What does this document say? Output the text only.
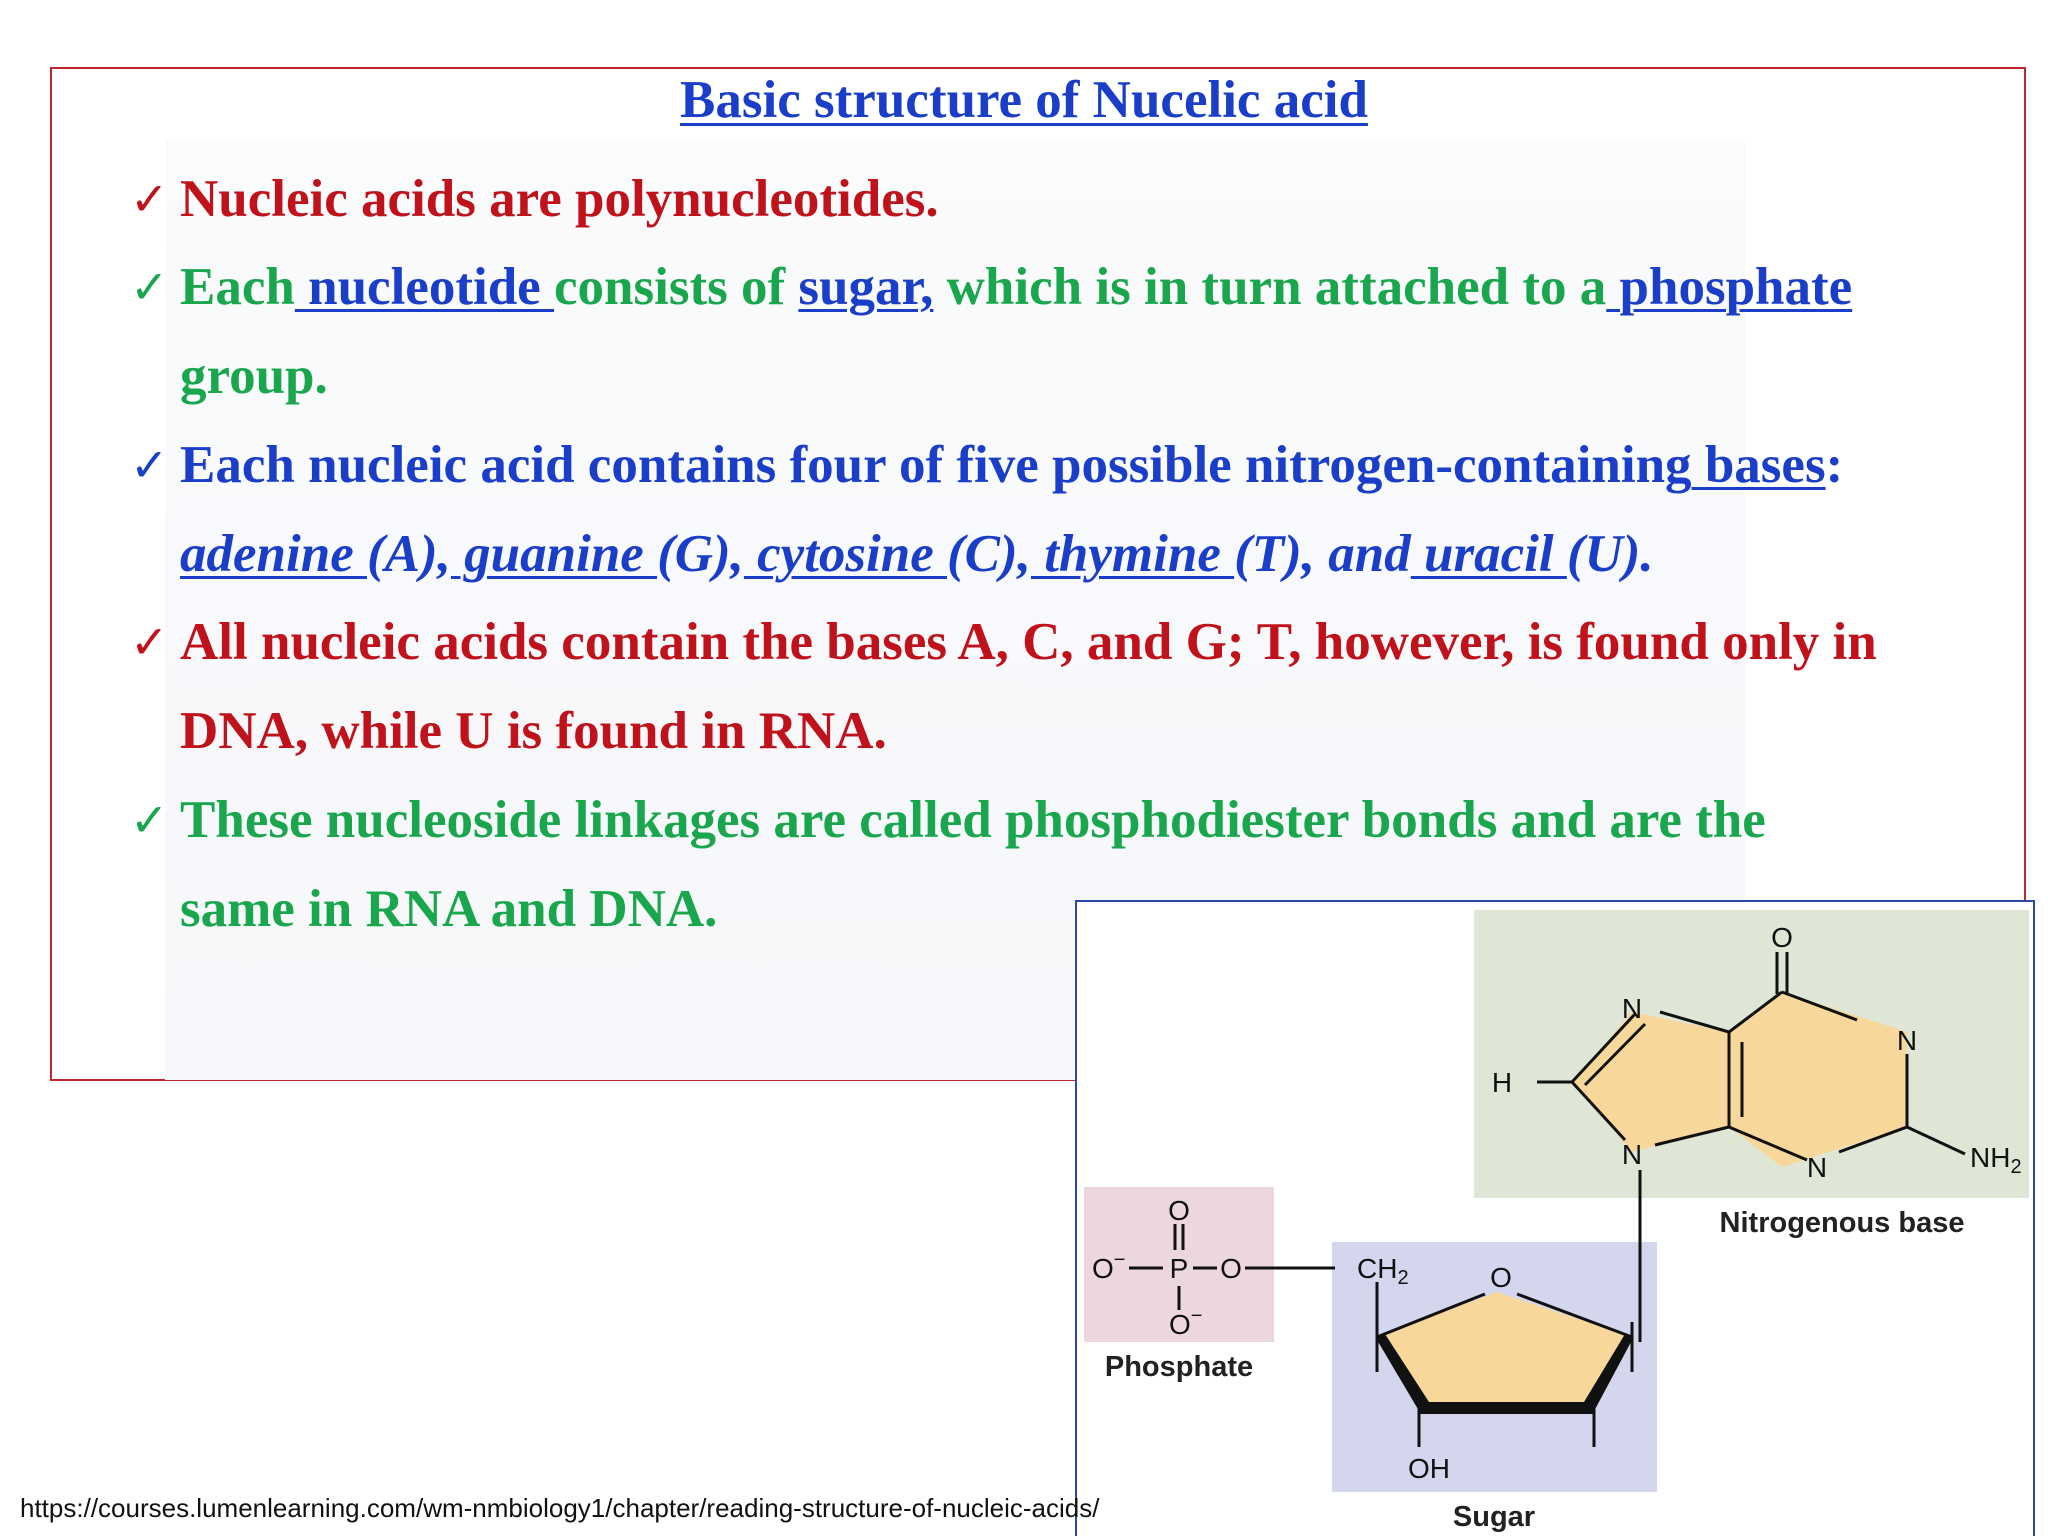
Basic structure of Nucelic acid
✓ Nucleic acids are polynucleotides.
✓ Each nucleotide consists of sugar, which is in turn attached to a phosphate
group.
✓ Each nucleic acid contains four of five possible nitrogen-containing bases:
adenine (A), guanine (G), cytosine (C), thymine (T), and uracil (U).
✓ All nucleic acids contain the bases A, C, and G; T, however, is found only in
DNA, while U is found in RNA.
✓ These nucleoside linkages are called phosphodiester bonds and are the
same in RNA and DNA.	O
N
N
H
N	N	$NH_2$
O
O− P O
O−
$CH_2$	O
OH
Nitrogenous base
Phosphate
Sugar
https://courses.lumenlearning.com/wm-nmbiology1/chapter/reading-structure-of-nucleic-acids/
